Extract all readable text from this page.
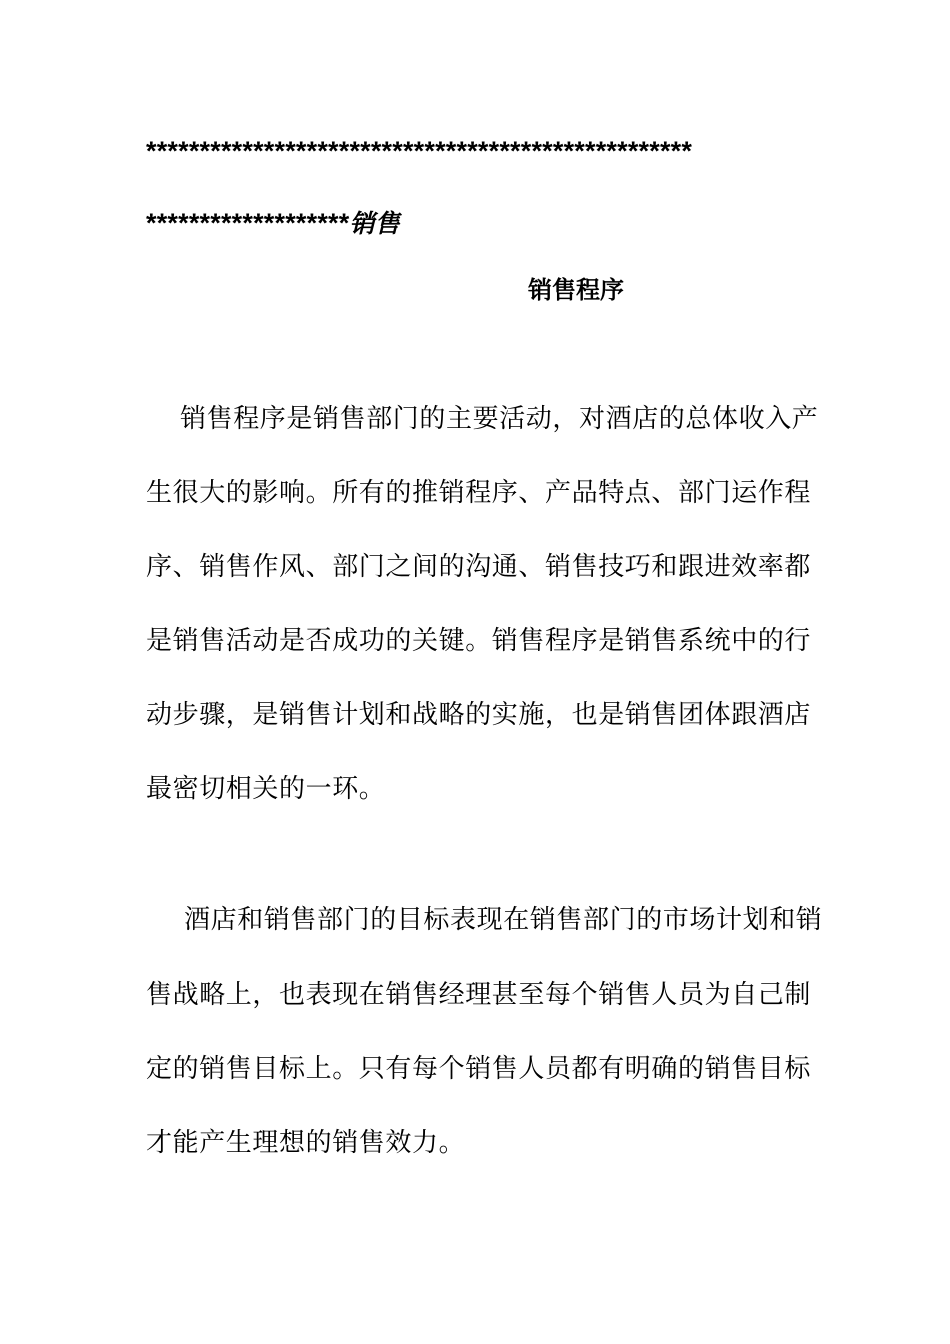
***************************************************
*******************销售
销售程序
销售程序是销售部门的主要活动，对酒店的总体收入产
生很大的影响。所有的推销程序、产品特点、部门运作程
序、销售作风、部门之间的沟通、销售技巧和跟进效率都
是销售活动是否成功的关键。销售程序是销售系统中的行
动步骤，是销售计划和战略的实施，也是销售团体跟酒店
最密切相关的一环。
酒店和销售部门的目标表现在销售部门的市场计划和销
售战略上，也表现在销售经理甚至每个销售人员为自己制
定的销售目标上。只有每个销售人员都有明确的销售目标
才能产生理想的销售效力。
